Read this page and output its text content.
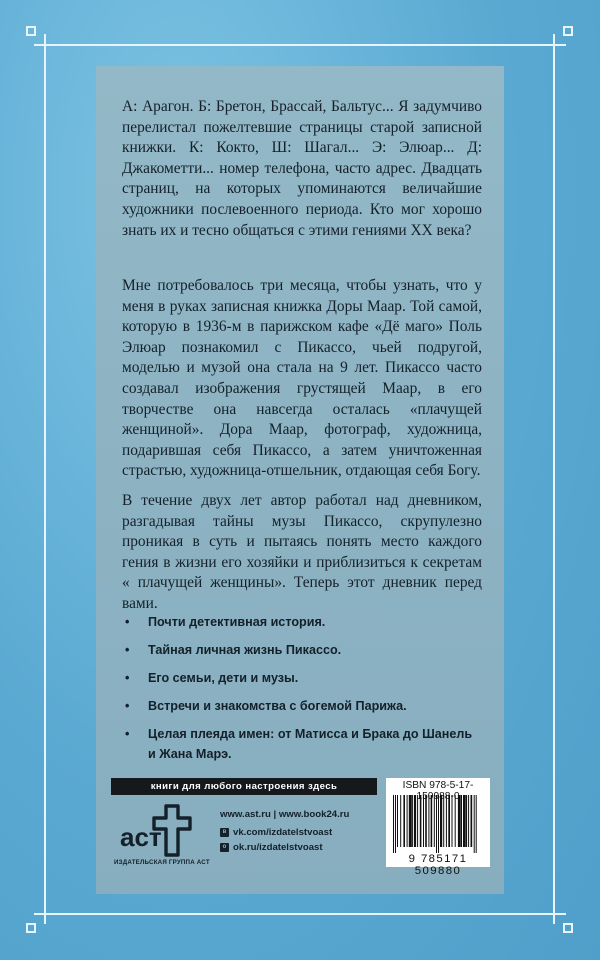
А: Арагон. Б: Бретон, Брассай, Бальтус... Я задумчиво перелистал пожелтевшие страницы старой записной книжки. К: Кокто, Ш: Шагал... Э: Элюар... Д: Джакометти... номер телефона, часто адрес. Двадцать страниц, на которых упоминаются величайшие художники послевоенного периода. Кто мог хорошо знать их и тесно общаться с этими гениями XX века?

Мне потребовалось три месяца, чтобы узнать, что у меня в руках записная книжка Доры Маар. Той самой, которую в 1936-м в парижском кафе «Дё маго» Поль Элюар познакомил с Пикассо, чьей подругой, моделью и музой она стала на 9 лет. Пикассо часто создавал изображения грустящей Маар, в его творчестве она навсегда осталась «плачущей женщиной». Дора Маар, фотограф, художница, подарившая себя Пикассо, а затем уничтоженная страстью, художница-отшельник, отдающая себя Богу.

В течение двух лет автор работал над дневником, разгадывая тайны музы Пикассо, скрупулезно проникая в суть и пытаясь понять место каждого гения в жизни его хозяйки и приблизиться к секретам « плачущей женщины». Теперь этот дневник перед вами.

• Почти детективная история.
• Тайная личная жизнь Пикассо.
• Его семьи, дети и музы.
• Встречи и знакомства с богемой Парижа.
• Целая плеяда имен: от Матисса и Брака до Шанель и Жана Марэ.
книги для любого настроения здесь
аст
ИЗДАТЕЛЬСКАЯ ГРУППА АСТ
www.ast.ru | www.book24.ru
в vk.com/izdatelstvoast
о ok.ru/izdatelstvoast
ISBN 978-5-17-150988-0
9 785171 509880
